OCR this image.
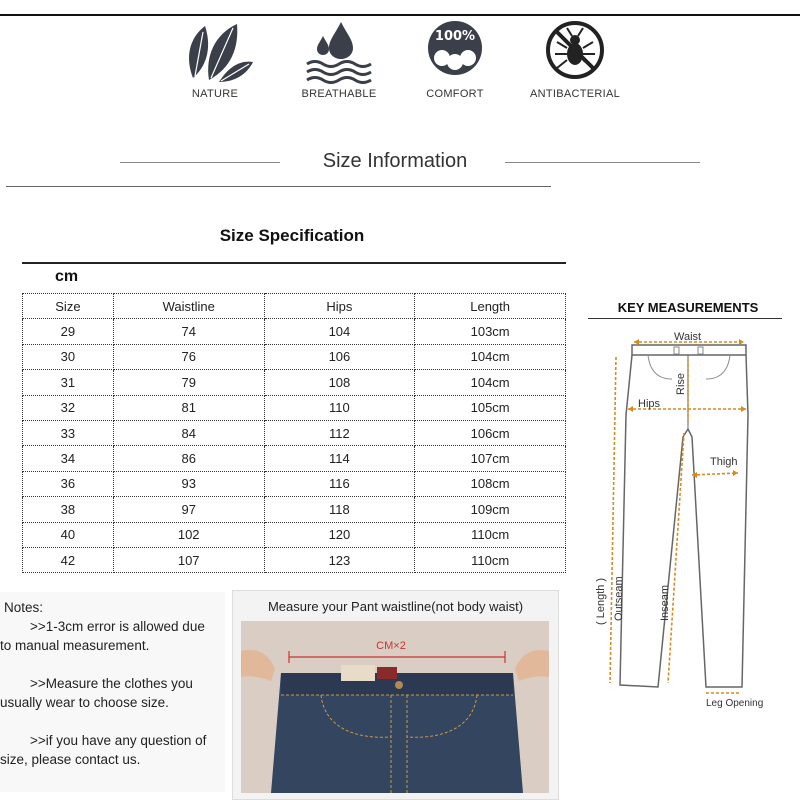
NATURE	BREATHABLE
100%
COMFORT	ANTIBACTERIAL
Size Information
Size Specification
cm
Size	Waistline	Hips	Length
29	74	104	103cm
30	76	106	104cm
31	79	108	104cm
32	81	110	105cm
33	84	112	106cm
34	86	114	107cm
36	93	116	108cm
38	97	118	109cm
40	102	120	110cm
42	107	123	110cm
KEY MEASUREMENTS
Waist
Hips
Thigh
Leg Opening
Rise
( Length ) Outseam	Inseam

Notes:

>>1-3cm error is allowed due

to manual measurement.

>>Measure the clothes you

usually wear to choose size.

>>if you have any question of

size, please contact us.

Measure your Pant waistline(not body waist)
CM×2
